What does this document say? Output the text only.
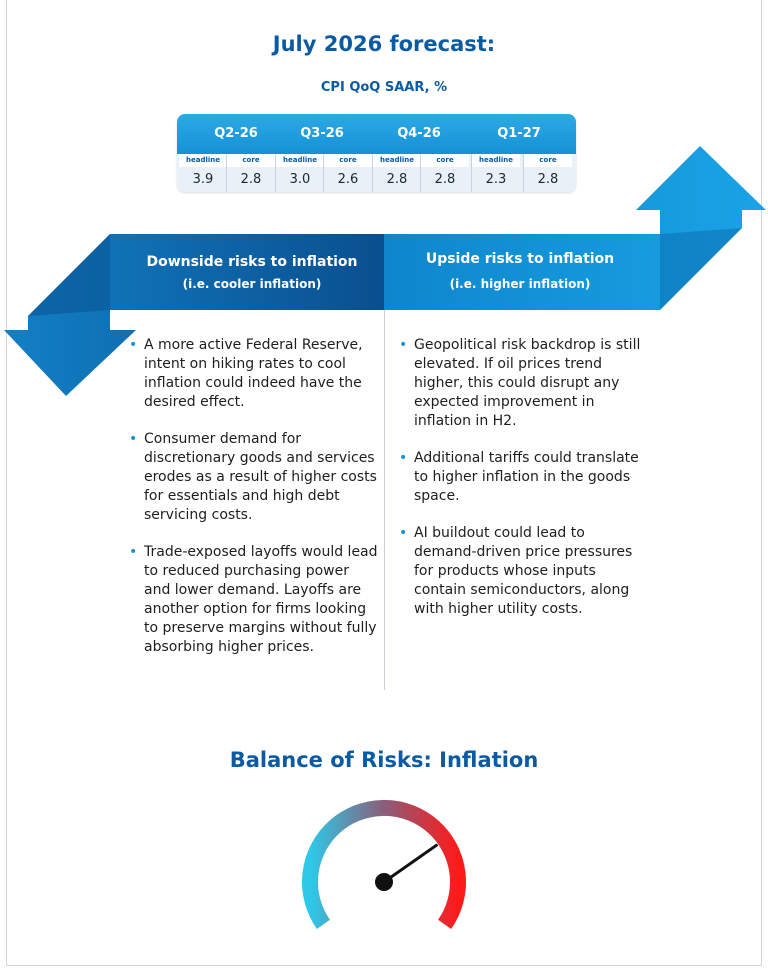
July 2026 forecast:
CPI QoQ SAAR, %
Q2-26	Q3-26	Q4-26	Q1-27
headline	core	headline	core	headline	core	headline	core
3.9	2.8	3.0	2.6	2.8	2.8	2.3	2.8
Downside risks to inflation
(i.e. cooler inflation)
Upside risks to inflation
(i.e. higher inflation)
• A more active Federal Reserve, intent on hiking rates to cool inflation could indeed have the desired effect.
• Consumer demand for discretionary goods and services erodes as a result of higher costs for essentials and high debt servicing costs.
• Trade-exposed layoffs would lead to reduced purchasing power and lower demand. Layoffs are another option for firms looking to preserve margins without fully absorbing higher prices.
• Geopolitical risk backdrop is still elevated. If oil prices trend higher, this could disrupt any expected improvement in inflation in H2.
• Additional tariffs could translate to higher inflation in the goods space.
• AI buildout could lead to demand-driven price pressures for products whose inputs contain semiconductors, along with higher utility costs.
Balance of Risks: Inflation
